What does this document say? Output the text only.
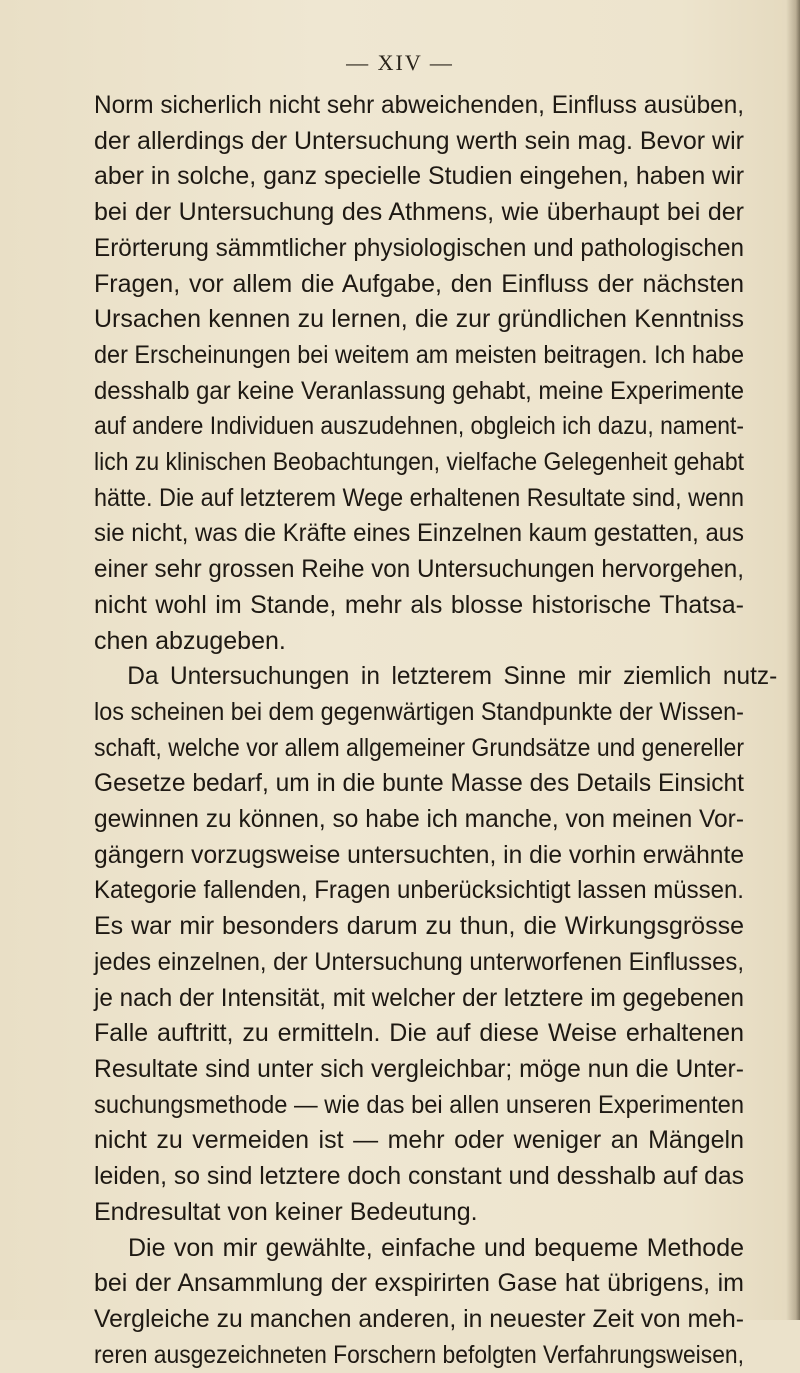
— XIV —
Norm sicherlich nicht sehr abweichenden, Einfluss ausüben,
der allerdings der Untersuchung werth sein mag. Bevor wir
aber in solche, ganz specielle Studien eingehen, haben wir
bei der Untersuchung des Athmens, wie überhaupt bei der
Erörterung sämmtlicher physiologischen und pathologischen
Fragen, vor allem die Aufgabe, den Einfluss der nächsten
Ursachen kennen zu lernen, die zur gründlichen Kenntniss
der Erscheinungen bei weitem am meisten beitragen. Ich habe
desshalb gar keine Veranlassung gehabt, meine Experimente
auf andere Individuen auszudehnen, obgleich ich dazu, nament-
lich zu klinischen Beobachtungen, vielfache Gelegenheit gehabt
hätte. Die auf letzterem Wege erhaltenen Resultate sind, wenn
sie nicht, was die Kräfte eines Einzelnen kaum gestatten, aus
einer sehr grossen Reihe von Untersuchungen hervorgehen,
nicht wohl im Stande, mehr als blosse historische Thatsa-
chen abzugeben.
Da Untersuchungen in letzterem Sinne mir ziemlich nutz-
los scheinen bei dem gegenwärtigen Standpunkte der Wissen-
schaft, welche vor allem allgemeiner Grundsätze und genereller
Gesetze bedarf, um in die bunte Masse des Details Einsicht
gewinnen zu können, so habe ich manche, von meinen Vor-
gängern vorzugsweise untersuchten, in die vorhin erwähnte
Kategorie fallenden, Fragen unberücksichtigt lassen müssen.
Es war mir besonders darum zu thun, die Wirkungsgrösse
jedes einzelnen, der Untersuchung unterworfenen Einflusses,
je nach der Intensität, mit welcher der letztere im gegebenen
Falle auftritt, zu ermitteln. Die auf diese Weise erhaltenen
Resultate sind unter sich vergleichbar; möge nun die Unter-
suchungsmethode — wie das bei allen unseren Experimenten
nicht zu vermeiden ist — mehr oder weniger an Mängeln
leiden, so sind letztere doch constant und desshalb auf das
Endresultat von keiner Bedeutung.
Die von mir gewählte, einfache und bequeme Methode
bei der Ansammlung der exspirirten Gase hat übrigens, im
Vergleiche zu manchen anderen, in neuester Zeit von meh-
reren ausgezeichneten Forschern befolgten Verfahrungsweisen,
